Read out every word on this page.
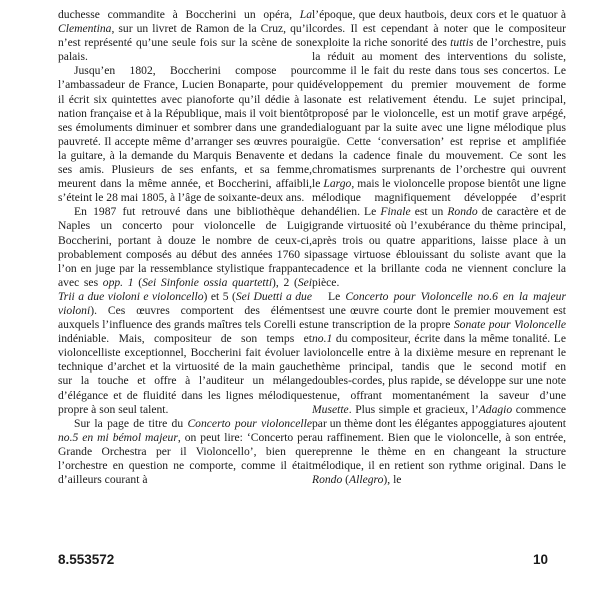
duchesse commandite à Boccherini un opéra, La Clementina, sur un livret de Ramon de la Cruz, qu’il n’est représenté qu’une seule fois sur la scène de son palais.

Jusqu’en 1802, Boccherini compose pour l’ambassadeur de France, Lucien Bonaparte, pour qui il écrit six quintettes avec pianoforte qu’il dédie à la nation française et à la République, mais il voit bientôt ses émoluments diminuer et sombrer dans une grande pauvreté. Il accepte même d’arranger ses œuvres pour la guitare, à la demande du Marquis Benavente et de ses amis. Plusieurs de ses enfants, et sa femme, meurent dans la même année, et Boccherini, affaibli, s’éteint le 28 mai 1805, à l’âge de soixante-deux ans.

En 1987 fut retrouvé dans une bibliothèque de Naples un concerto pour violoncelle de Luigi Boccherini, portant à douze le nombre de ceux-ci, probablement composés au début des années 1760 si l’on en juge par la ressemblance stylistique frappante avec ses opp. 1 (Sei Sinfonie ossia quartetti), 2 (Sei Trii a due violoni e violoncello) et 5 (Sei Duetti a due violoni). Ces œuvres comportent des éléments auxquels l’influence des grands maîtres tels Corelli est indéniable. Mais, compositeur de son temps et violoncelliste exceptionnel, Boccherini fait évoluer la technique d’archet et la virtuosité de la main gauche sur la touche et offre à l’auditeur un mélange d’élégance et de fluidité dans les lignes mélodiques propre à son seul talent.

Sur la page de titre du Concerto pour violoncelle no.5 en mi bémol majeur, on peut lire: ‘Concerto per Grande Orchestra per il Violoncello’, bien que l’orchestre en question ne comporte, comme il était d’ailleurs courant à

l’époque, que deux hautbois, deux cors et le quatuor à cordes. Il est cependant à noter que le compositeur exploite la riche sonorité des tuttis de l’orchestre, puis la réduit au moment des interventions du soliste, comme il le fait du reste dans tous ses concertos. Le développement du premier mouvement de forme sonate est relativement étendu. Le sujet principal, proposé par le violoncelle, est un motif grave arpégé, dialoguant par la suite avec une ligne mélodique plus aigüe. Cette ‘conversation’ est reprise et amplifiée dans la cadence finale du mouvement. Ce sont les chromatismes surprenants de l’orchestre qui ouvrent le Largo, mais le violoncelle propose bientôt une ligne mélodique magnifiquement développée d’esprit handélien. Le Finale est un Rondo de caractère et de grande virtuosité où l’exubérance du thème principal, après trois ou quatre apparitions, laisse place à un passage virtuose éblouissant du soliste avant que la cadence et la brillante coda ne viennent conclure la pièce.

Le Concerto pour Violoncelle no.6 en la majeur est une œuvre courte dont le premier mouvement est une transcription de la propre Sonate pour Violoncelle no.1 du compositeur, écrite dans la même tonalité. Le violoncelle entre à la dixième mesure en reprenant le thème principal, tandis que le second motif en doubles-cordes, plus rapide, se développe sur une note tenue, offrant momentanément la saveur d’une Musette. Plus simple et gracieux, l’Adagio commence par un thème dont les élégantes appoggiatures ajoutent au raffinement. Bien que le violoncelle, à son entrée, reprenne le thème en en changeant la structure mélodique, il en retient son rythme original. Dans le Rondo (Allegro), le

8.553572	10
